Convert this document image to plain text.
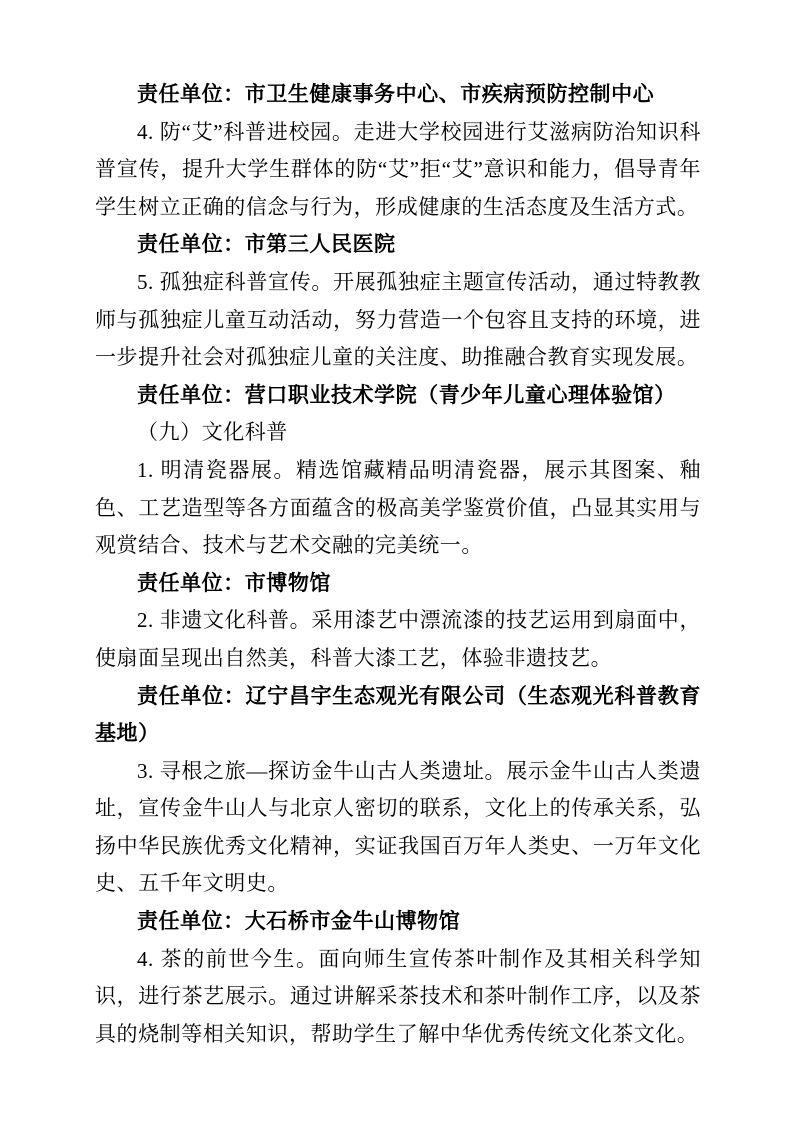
责任单位：市卫生健康事务中心、市疾病预防控制中心

4. 防“艾”科普进校园。走进大学校园进行艾滋病防治知识科普宣传，提升大学生群体的防“艾”拒“艾”意识和能力，倡导青年学生树立正确的信念与行为，形成健康的生活态度及生活方式。

责任单位：市第三人民医院

5. 孤独症科普宣传。开展孤独症主题宣传活动，通过特教教师与孤独症儿童互动活动，努力营造一个包容且支持的环境，进一步提升社会对孤独症儿童的关注度、助推融合教育实现发展。

责任单位：营口职业技术学院（青少年儿童心理体验馆）

（九）文化科普

1. 明清瓷器展。精选馆藏精品明清瓷器，展示其图案、釉色、工艺造型等各方面蕴含的极高美学鉴赏价值，凸显其实用与观赏结合、技术与艺术交融的完美统一。

责任单位：市博物馆

2. 非遗文化科普。采用漆艺中漂流漆的技艺运用到扇面中，使扇面呈现出自然美，科普大漆工艺，体验非遗技艺。

责任单位：辽宁昌宇生态观光有限公司（生态观光科普教育基地）

3. 寻根之旅—探访金牛山古人类遗址。展示金牛山古人类遗址，宣传金牛山人与北京人密切的联系，文化上的传承关系，弘扬中华民族优秀文化精神，实证我国百万年人类史、一万年文化史、五千年文明史。

责任单位：大石桥市金牛山博物馆

4. 茶的前世今生。面向师生宣传茶叶制作及其相关科学知识，进行茶艺展示。通过讲解采茶技术和茶叶制作工序，以及茶具的烧制等相关知识，帮助学生了解中华优秀传统文化茶文化。
